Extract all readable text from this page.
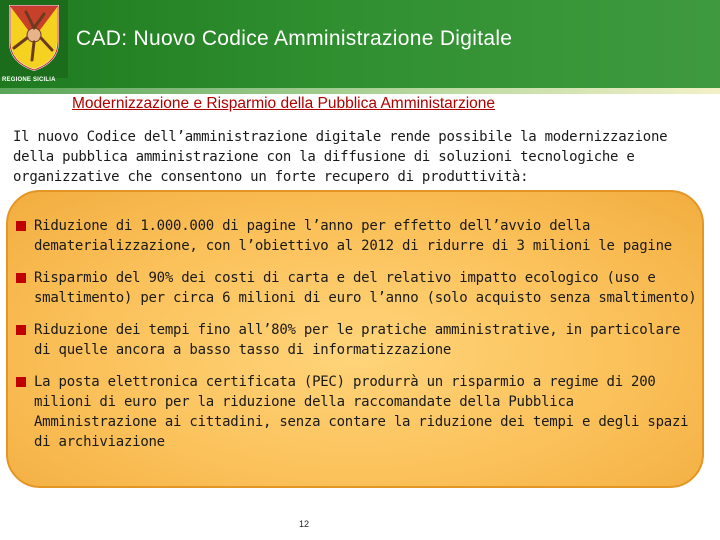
REGIONE SICILIA
CAD: Nuovo Codice Amministrazione Digitale
Modernizzazione e Risparmio della Pubblica Amministarzione
Il nuovo Codice dell’amministrazione digitale rende possibile la modernizzazione della pubblica amministrazione con la diffusione di soluzioni tecnologiche e organizzative che consentono un forte recupero di produttività:
Riduzione di 1.000.000 di pagine l’anno per effetto dell’avvio della dematerializzazione, con l’obiettivo al 2012 di ridurre di 3 milioni le pagine
Risparmio del 90% dei costi di carta e del relativo impatto ecologico (uso e smaltimento) per circa 6 milioni di euro l’anno (solo acquisto senza smaltimento)
Riduzione dei tempi fino all’80% per le pratiche amministrative, in particolare di quelle ancora a basso tasso di informatizzazione
La posta elettronica certificata (PEC) produrrà un risparmio a regime di 200 milioni di euro per la riduzione della raccomandate della Pubblica Amministrazione ai cittadini, senza contare la riduzione dei tempi e degli spazi di archiviazione
12
